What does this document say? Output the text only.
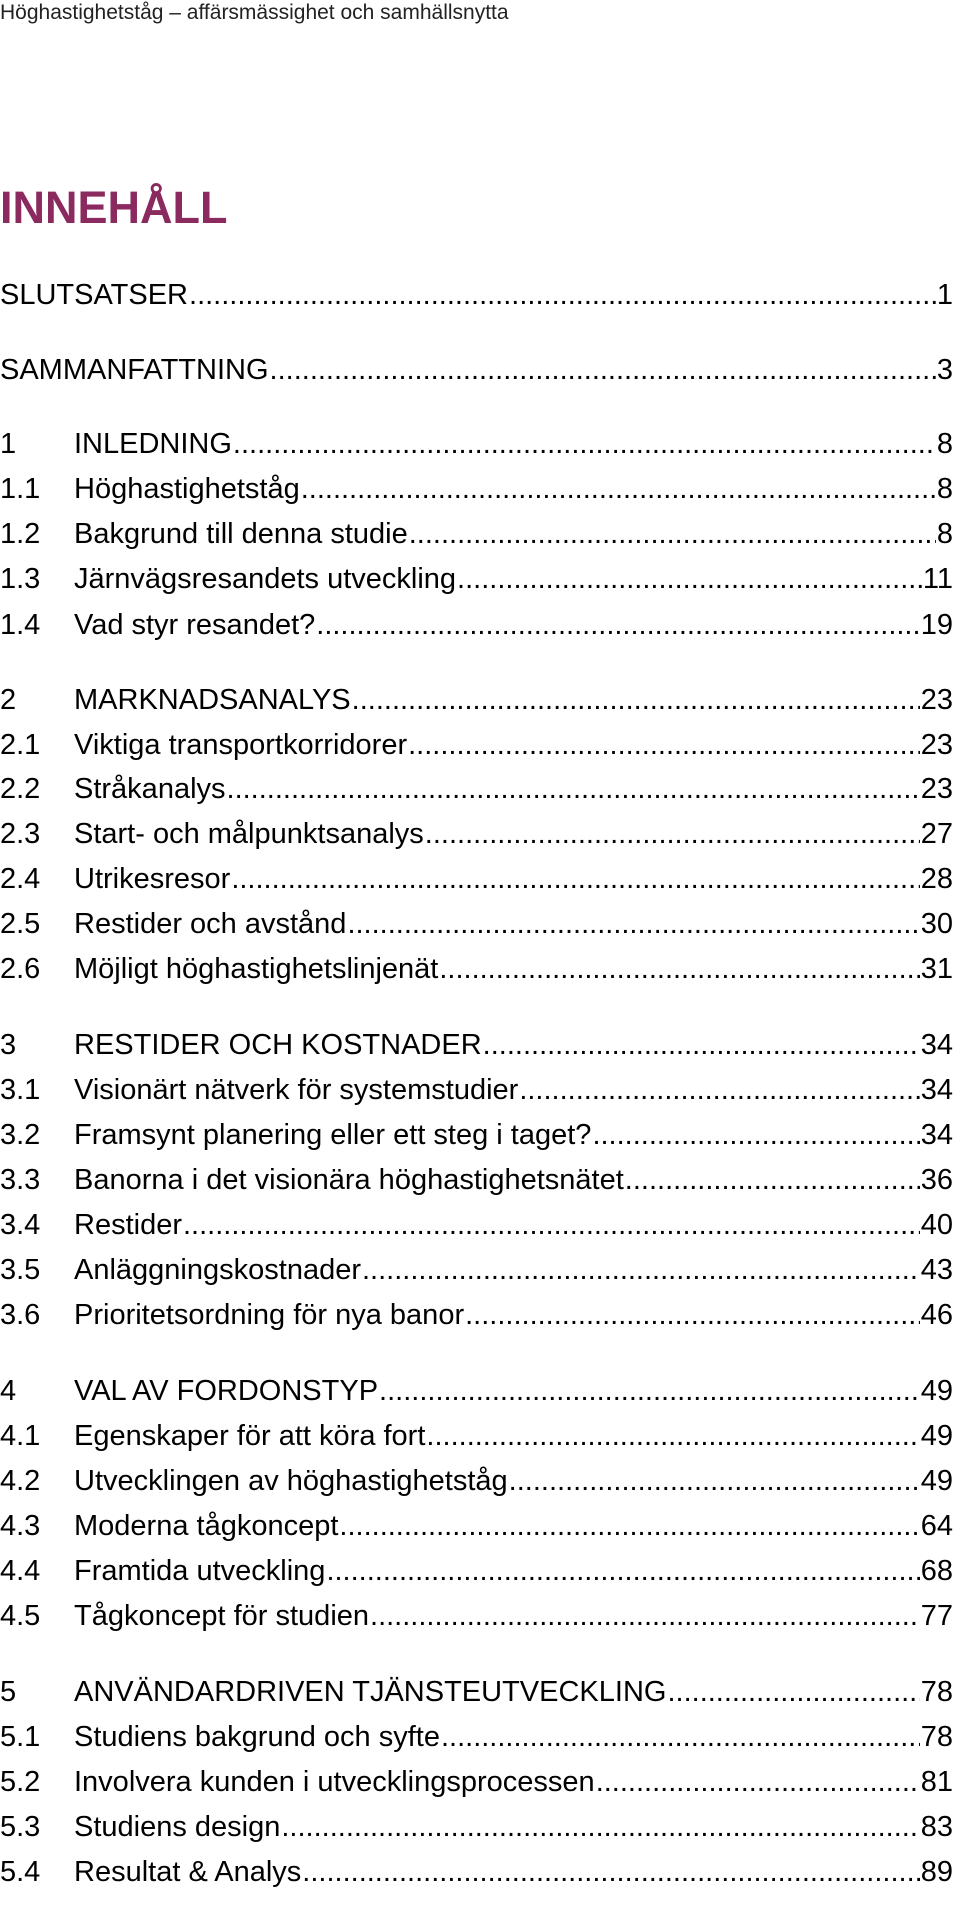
Höghastighetståg – affärsmässighet och samhällsnytta
INNEHÅLL
SLUTSATSER .....	1
SAMMANFATTNING .....	3
1	INLEDNING .....	8
1.1	Höghastighetståg .....	8
1.2	Bakgrund till denna studie .....	8
1.3	Järnvägsresandets utveckling .....	11
1.4	Vad styr resandet? .....	19
2	MARKNADSANALYS .....	23
2.1	Viktiga transportkorridorer .....	23
2.2	Stråkanalys .....	23
2.3	Start- och målpunktsanalys .....	27
2.4	Utrikesresor .....	28
2.5	Restider och avstånd .....	30
2.6	Möjligt höghastighetslinjenät .....	31
3	RESTIDER OCH KOSTNADER .....	34
3.1	Visionärt nätverk för systemstudier .....	34
3.2	Framsynt planering eller ett steg i taget? .....	34
3.3	Banorna i det visionära höghastighetsnätet .....	36
3.4	Restider .....	40
3.5	Anläggningskostnader .....	43
3.6	Prioritetsordning för nya banor .....	46
4	VAL AV FORDONSTYP .....	49
4.1	Egenskaper för att köra fort .....	49
4.2	Utvecklingen av höghastighetståg .....	49
4.3	Moderna tågkoncept .....	64
4.4	Framtida utveckling .....	68
4.5	Tågkoncept för studien .....	77
5	ANVÄNDARDRIVEN TJÄNSTEUTVECKLING .....	78
5.1	Studiens bakgrund och syfte .....	78
5.2	Involvera kunden i utvecklingsprocessen .....	81
5.3	Studiens design .....	83
5.4	Resultat & Analys .....	89
